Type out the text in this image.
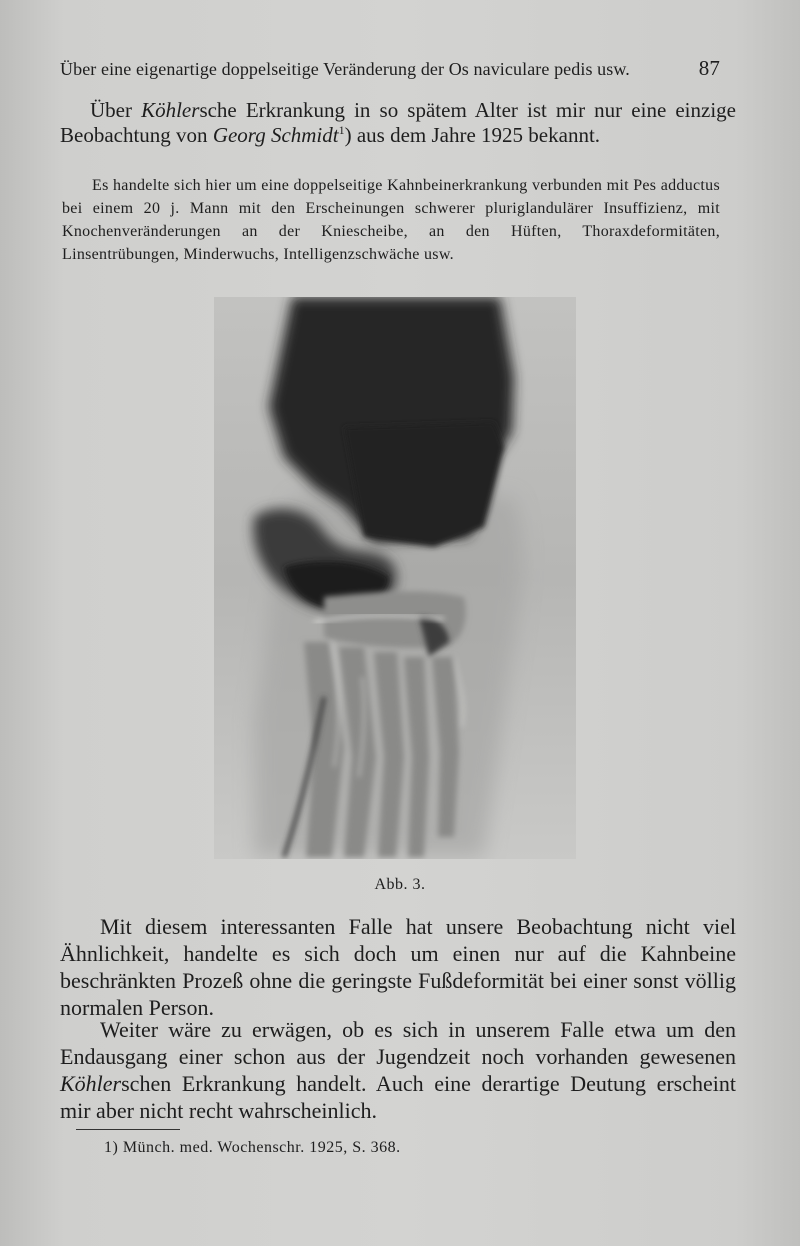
Über eine eigenartige doppelseitige Veränderung der Os naviculare pedis usw.	87
Über Köhlersche Erkrankung in so spätem Alter ist mir nur eine einzige Beobachtung von Georg Schmidt$^1$) aus dem Jahre 1925 bekannt.
Es handelte sich hier um eine doppelseitige Kahnbeinerkrankung verbunden mit Pes adductus bei einem 20 j. Mann mit den Erscheinungen schwerer pluriglandulärer Insuffizienz, mit Knochenveränderungen an der Kniescheibe, an den Hüften, Thoraxdeformitäten, Linsentrübungen, Minderwuchs, Intelligenzschwäche usw.
Abb. 3.
Mit diesem interessanten Falle hat unsere Beobachtung nicht viel Ähnlichkeit, handelte es sich doch um einen nur auf die Kahnbeine beschränkten Prozeß ohne die geringste Fußdeformität bei einer sonst völlig normalen Person.
Weiter wäre zu erwägen, ob es sich in unserem Falle etwa um den Endausgang einer schon aus der Jugendzeit noch vorhanden gewesenen Köhlerschen Erkrankung handelt. Auch eine derartige Deutung erscheint mir aber nicht recht wahrscheinlich.
1) Münch. med. Wochenschr. 1925, S. 368.
